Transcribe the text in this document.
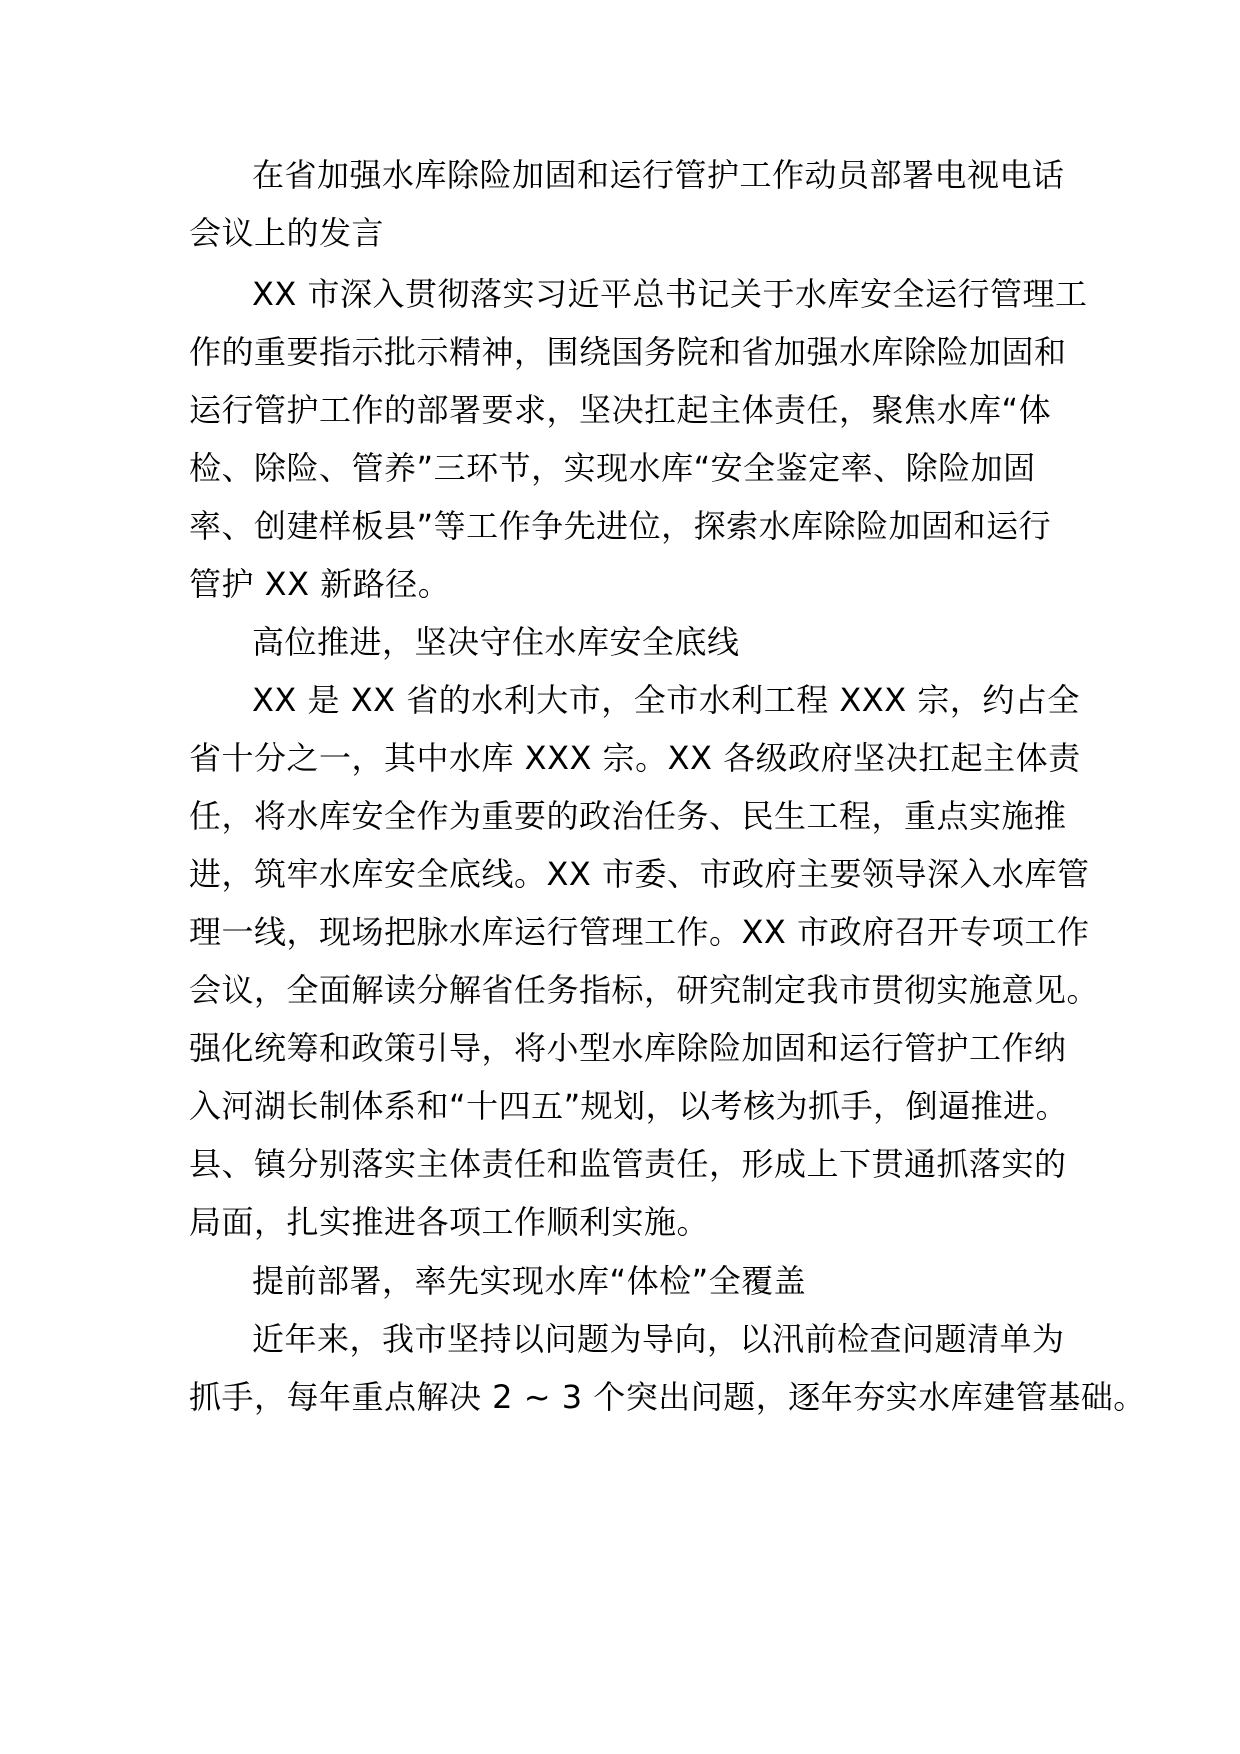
在省加强水库除险加固和运行管护工作动员部署电视电话
会议上的发言
XX 市深入贯彻落实习近平总书记关于水库安全运行管理工
作的重要指示批示精神，围绕国务院和省加强水库除险加固和
运行管护工作的部署要求，坚决扛起主体责任，聚焦水库“体
检、除险、管养”三环节，实现水库“安全鉴定率、除险加固
率、创建样板县”等工作争先进位，探索水库除险加固和运行
管护 XX 新路径。
高位推进，坚决守住水库安全底线
XX 是 XX 省的水利大市，全市水利工程 XXX 宗，约占全
省十分之一，其中水库 XXX 宗。XX 各级政府坚决扛起主体责
任，将水库安全作为重要的政治任务、民生工程，重点实施推
进，筑牢水库安全底线。XX 市委、市政府主要领导深入水库管
理一线，现场把脉水库运行管理工作。XX 市政府召开专项工作
会议，全面解读分解省任务指标，研究制定我市贯彻实施意见。
强化统筹和政策引导，将小型水库除险加固和运行管护工作纳
入河湖长制体系和“十四五”规划，以考核为抓手，倒逼推进。
县、镇分别落实主体责任和监管责任，形成上下贯通抓落实的
局面，扎实推进各项工作顺利实施。
提前部署，率先实现水库“体检”全覆盖
近年来，我市坚持以问题为导向，以汛前检查问题清单为
抓手，每年重点解决 2 ~ 3 个突出问题，逐年夯实水库建管基础。
